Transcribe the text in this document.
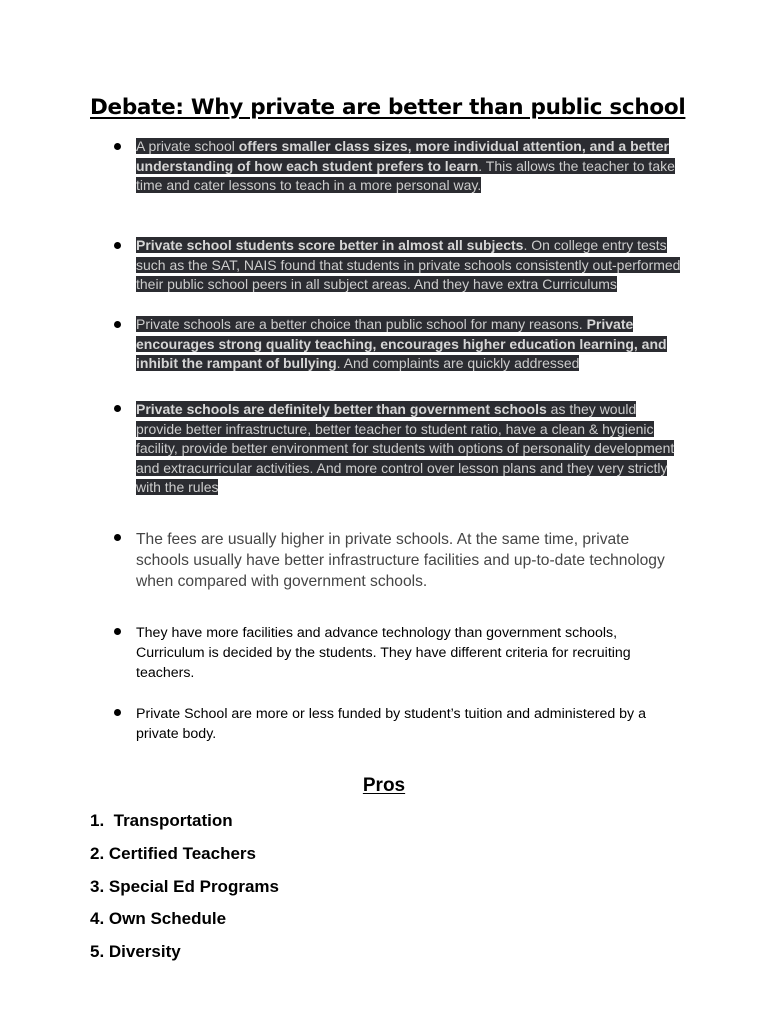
Debate: Why private are better than public school

A private school offers smaller class sizes, more individual attention, and a better understanding of how each student prefers to learn. This allows the teacher to take time and cater lessons to teach in a more personal way.

Private school students score better in almost all subjects. On college entry tests such as the SAT, NAIS found that students in private schools consistently out-performed their public school peers in all subject areas. And they have extra Curriculums

Private schools are a better choice than public school for many reasons. Private encourages strong quality teaching, encourages higher education learning, and inhibit the rampant of bullying. And complaints are quickly addressed

Private schools are definitely better than government schools as they would provide better infrastructure, better teacher to student ratio, have a clean & hygienic facility, provide better environment for students with options of personality development and extracurricular activities. And more control over lesson plans and they very strictly with the rules

The fees are usually higher in private schools. At the same time, private schools usually have better infrastructure facilities and up-to-date technology when compared with government schools.

They have more facilities and advance technology than government schools, Curriculum is decided by the students. They have different criteria for recruiting teachers.

Private School are more or less funded by student’s tuition and administered by a private body.

Pros
1.  Transportation
2. Certified Teachers
3. Special Ed Programs
4. Own Schedule
5. Diversity
